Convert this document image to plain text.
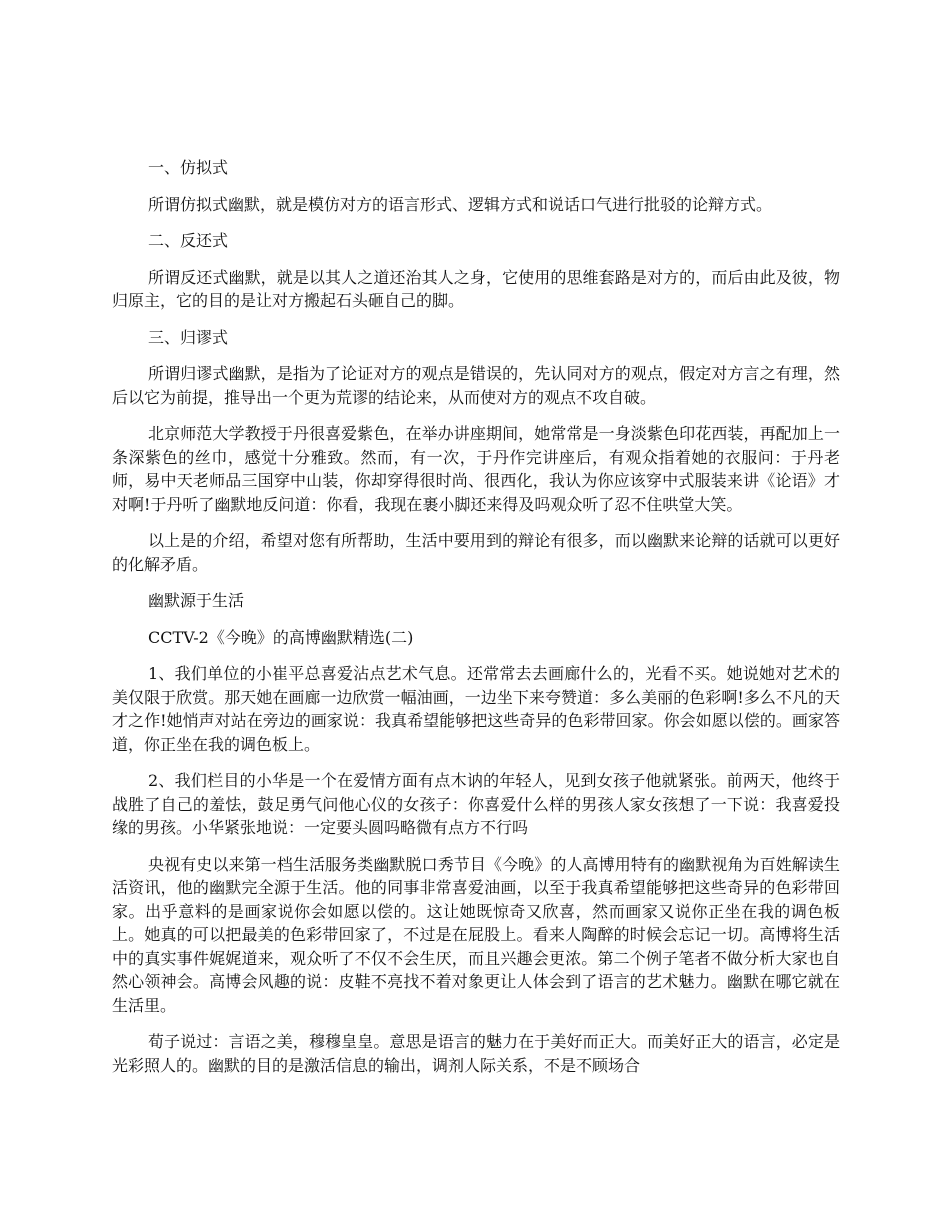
一、仿拟式

所谓仿拟式幽默，就是模仿对方的语言形式、逻辑方式和说话口气进行批驳的论辩方式。

二、反还式

所谓反还式幽默，就是以其人之道还治其人之身，它使用的思维套路是对方的，而后由此及彼，物归原主，它的目的是让对方搬起石头砸自己的脚。

三、归谬式

所谓归谬式幽默，是指为了论证对方的观点是错误的，先认同对方的观点，假定对方言之有理，然后以它为前提，推导出一个更为荒谬的结论来，从而使对方的观点不攻自破。

北京师范大学教授于丹很喜爱紫色，在举办讲座期间，她常常是一身淡紫色印花西装，再配加上一条深紫色的丝巾，感觉十分雅致。然而，有一次，于丹作完讲座后，有观众指着她的衣服问：于丹老师，易中天老师品三国穿中山装，你却穿得很时尚、很西化，我认为你应该穿中式服装来讲《论语》才对啊!于丹听了幽默地反问道：你看，我现在裹小脚还来得及吗观众听了忍不住哄堂大笑。

以上是的介绍，希望对您有所帮助，生活中要用到的辩论有很多，而以幽默来论辩的话就可以更好的化解矛盾。

幽默源于生活

CCTV-2《今晚》的高博幽默精选(二)

1、我们单位的小崔平总喜爱沾点艺术气息。还常常去去画廊什么的，光看不买。她说她对艺术的美仅限于欣赏。那天她在画廊一边欣赏一幅油画，一边坐下来夸赞道：多么美丽的色彩啊!多么不凡的天才之作!她悄声对站在旁边的画家说：我真希望能够把这些奇异的色彩带回家。你会如愿以偿的。画家答道，你正坐在我的调色板上。

2、我们栏目的小华是一个在爱情方面有点木讷的年轻人，见到女孩子他就紧张。前两天，他终于战胜了自己的羞怯，鼓足勇气问他心仪的女孩子：你喜爱什么样的男孩人家女孩想了一下说：我喜爱投缘的男孩。小华紧张地说：一定要头圆吗略微有点方不行吗

央视有史以来第一档生活服务类幽默脱口秀节目《今晚》的人高博用特有的幽默视角为百姓解读生活资讯，他的幽默完全源于生活。他的同事非常喜爱油画，以至于我真希望能够把这些奇异的色彩带回家。出乎意料的是画家说你会如愿以偿的。这让她既惊奇又欣喜，然而画家又说你正坐在我的调色板上。她真的可以把最美的色彩带回家了，不过是在屁股上。看来人陶醉的时候会忘记一切。高博将生活中的真实事件娓娓道来，观众听了不仅不会生厌，而且兴趣会更浓。第二个例子笔者不做分析大家也自然心领神会。高博会风趣的说：皮鞋不亮找不着对象更让人体会到了语言的艺术魅力。幽默在哪它就在生活里。

荀子说过：言语之美，穆穆皇皇。意思是语言的魅力在于美好而正大。而美好正大的语言，必定是光彩照人的。幽默的目的是激活信息的输出，调剂人际关系，不是不顾场合
